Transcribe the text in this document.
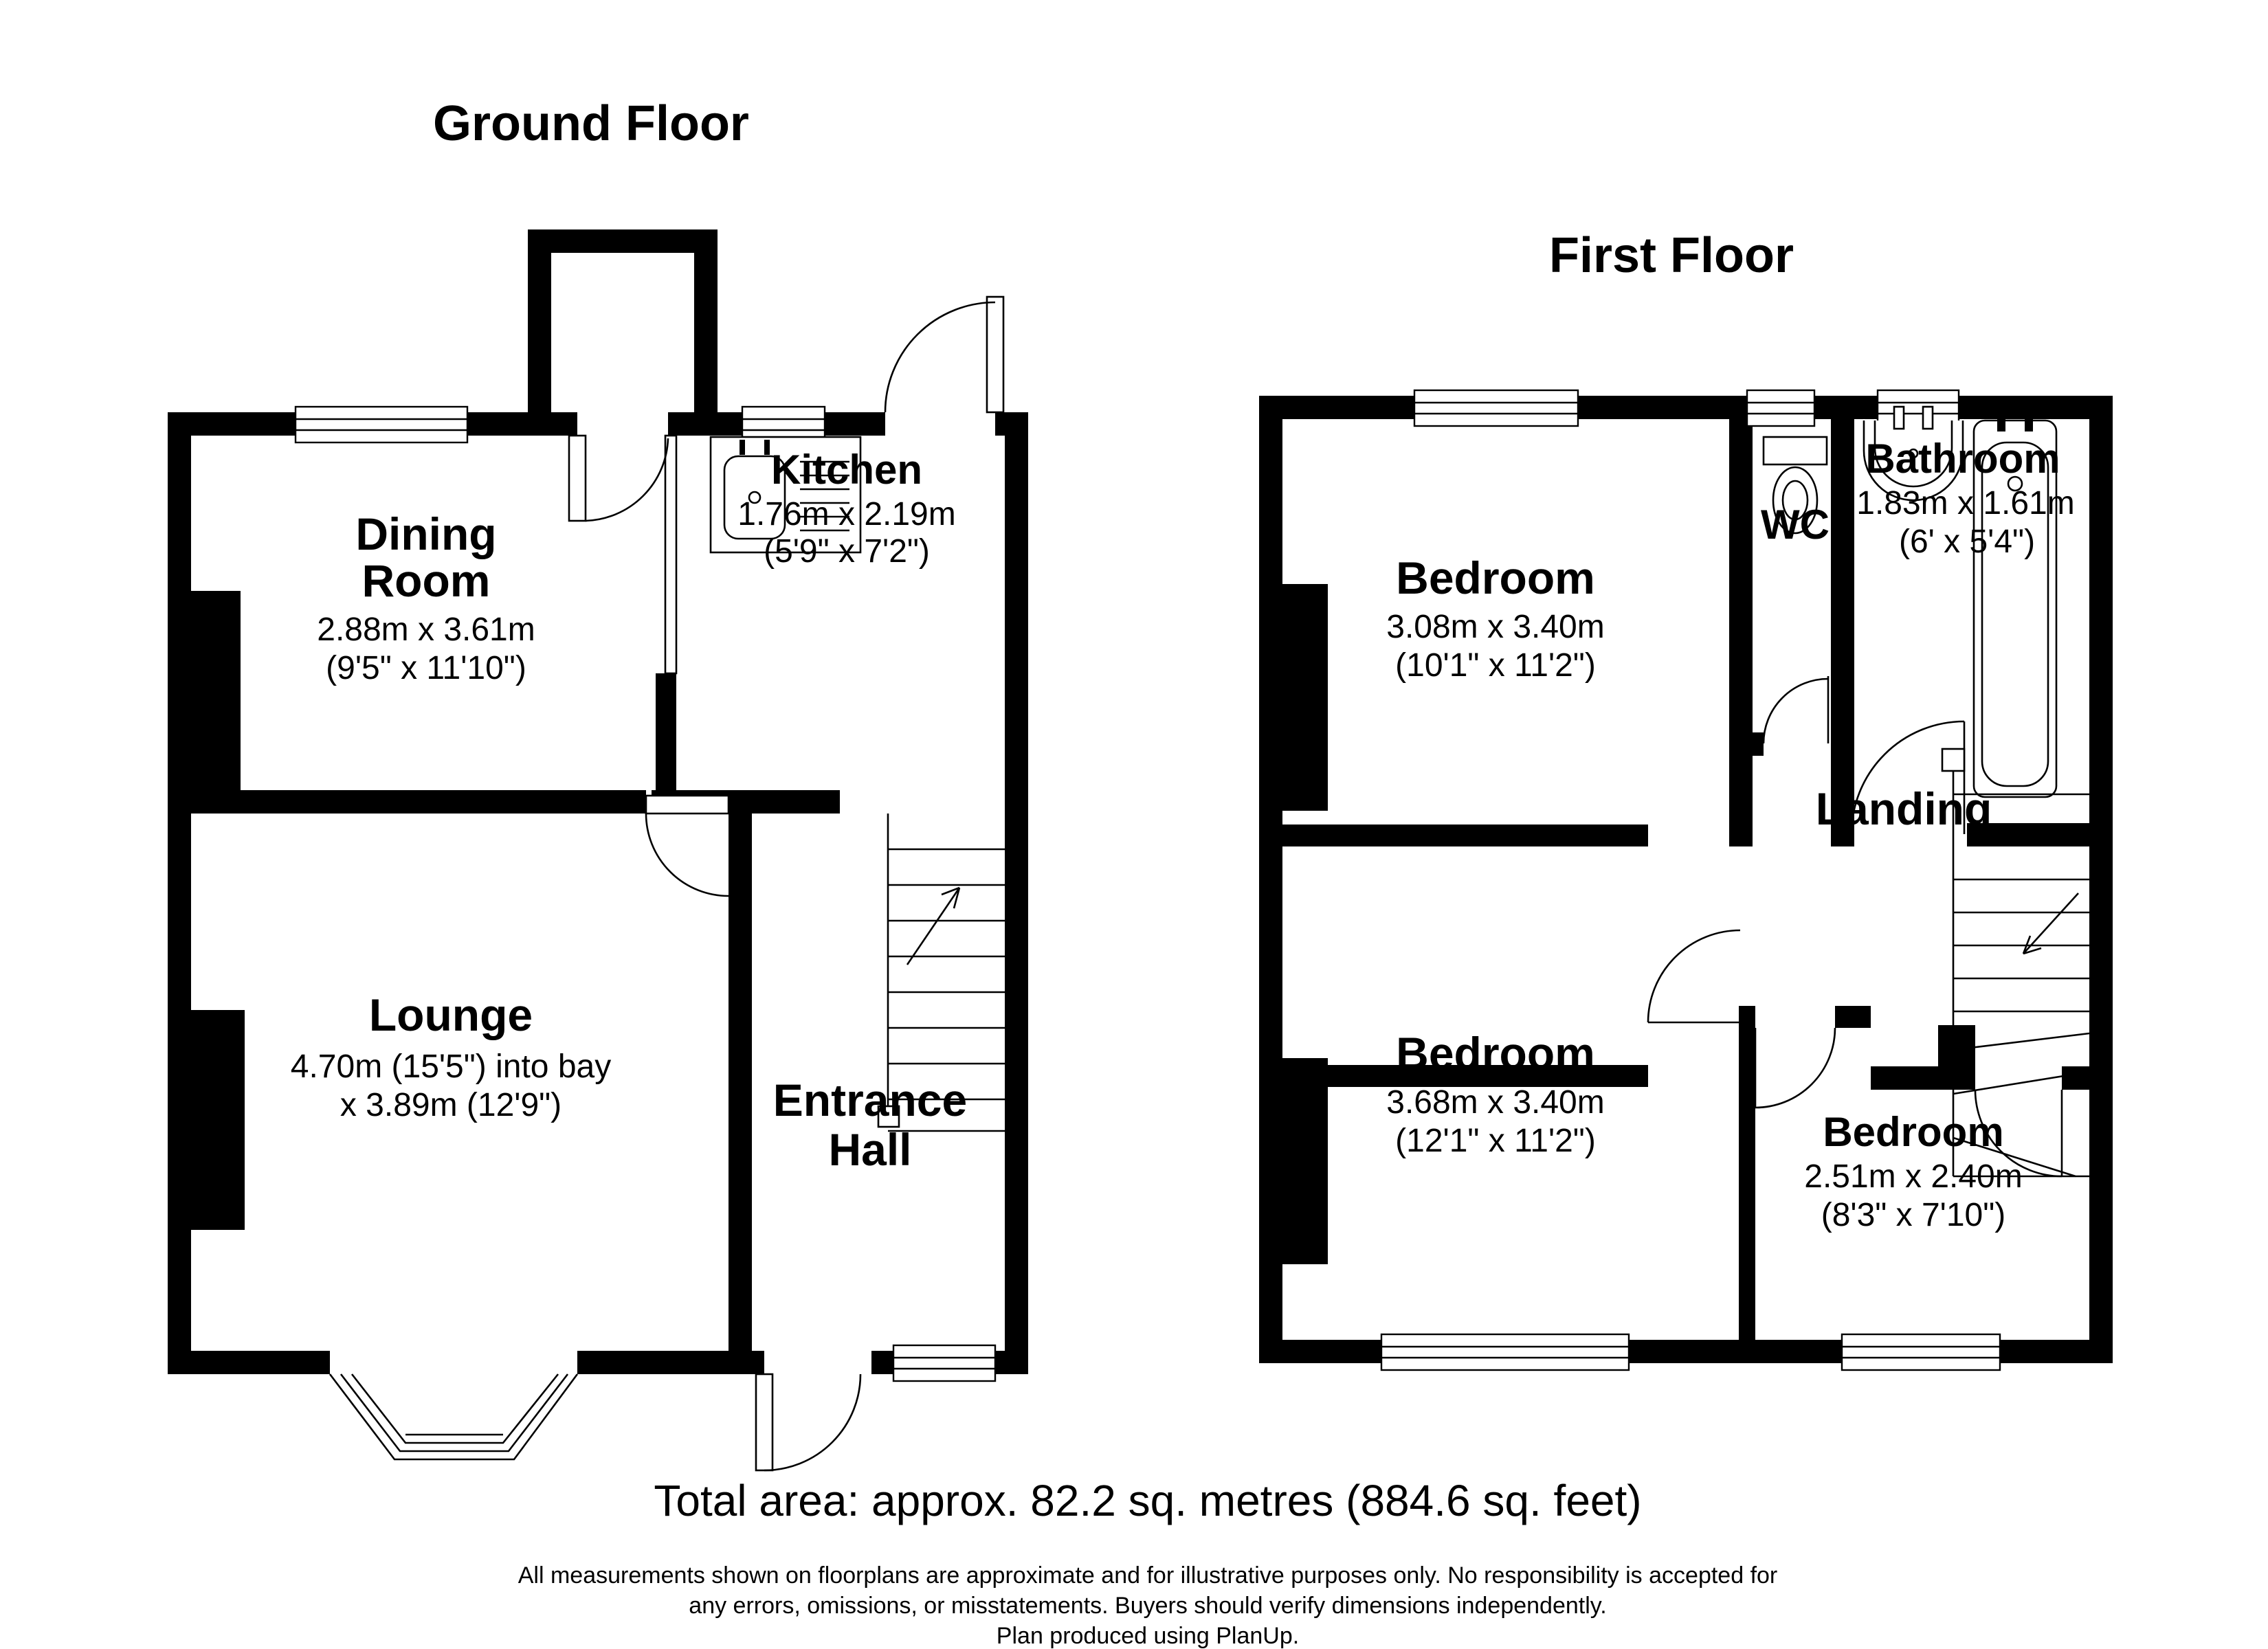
Ground Floor
Dining
Room
2.88m x 3.61m
(9'5" x 11'10")
Kitchen
1.76m x 2.19m
(5'9" x 7'2")
Lounge
4.70m (15'5") into bay
x 3.89m (12'9")	Entrance
Hall
First Floor
Bedroom
3.08m x 3.40m
(10'1" x 11'2")
WC
Bathroom
1.83m x 1.61m
(6' x 5'4")
Landing
Bedroom
3.68m x 3.40m
(12'1" x 11'2")	Bedroom
2.51m x 2.40m
(8'3" x 7'10")
Total area: approx. 82.2 sq. metres (884.6 sq. feet)
All measurements shown on floorplans are approximate and for illustrative purposes only. No responsibility is accepted for
any errors, omissions, or misstatements. Buyers should verify dimensions independently.
Plan produced using PlanUp.
